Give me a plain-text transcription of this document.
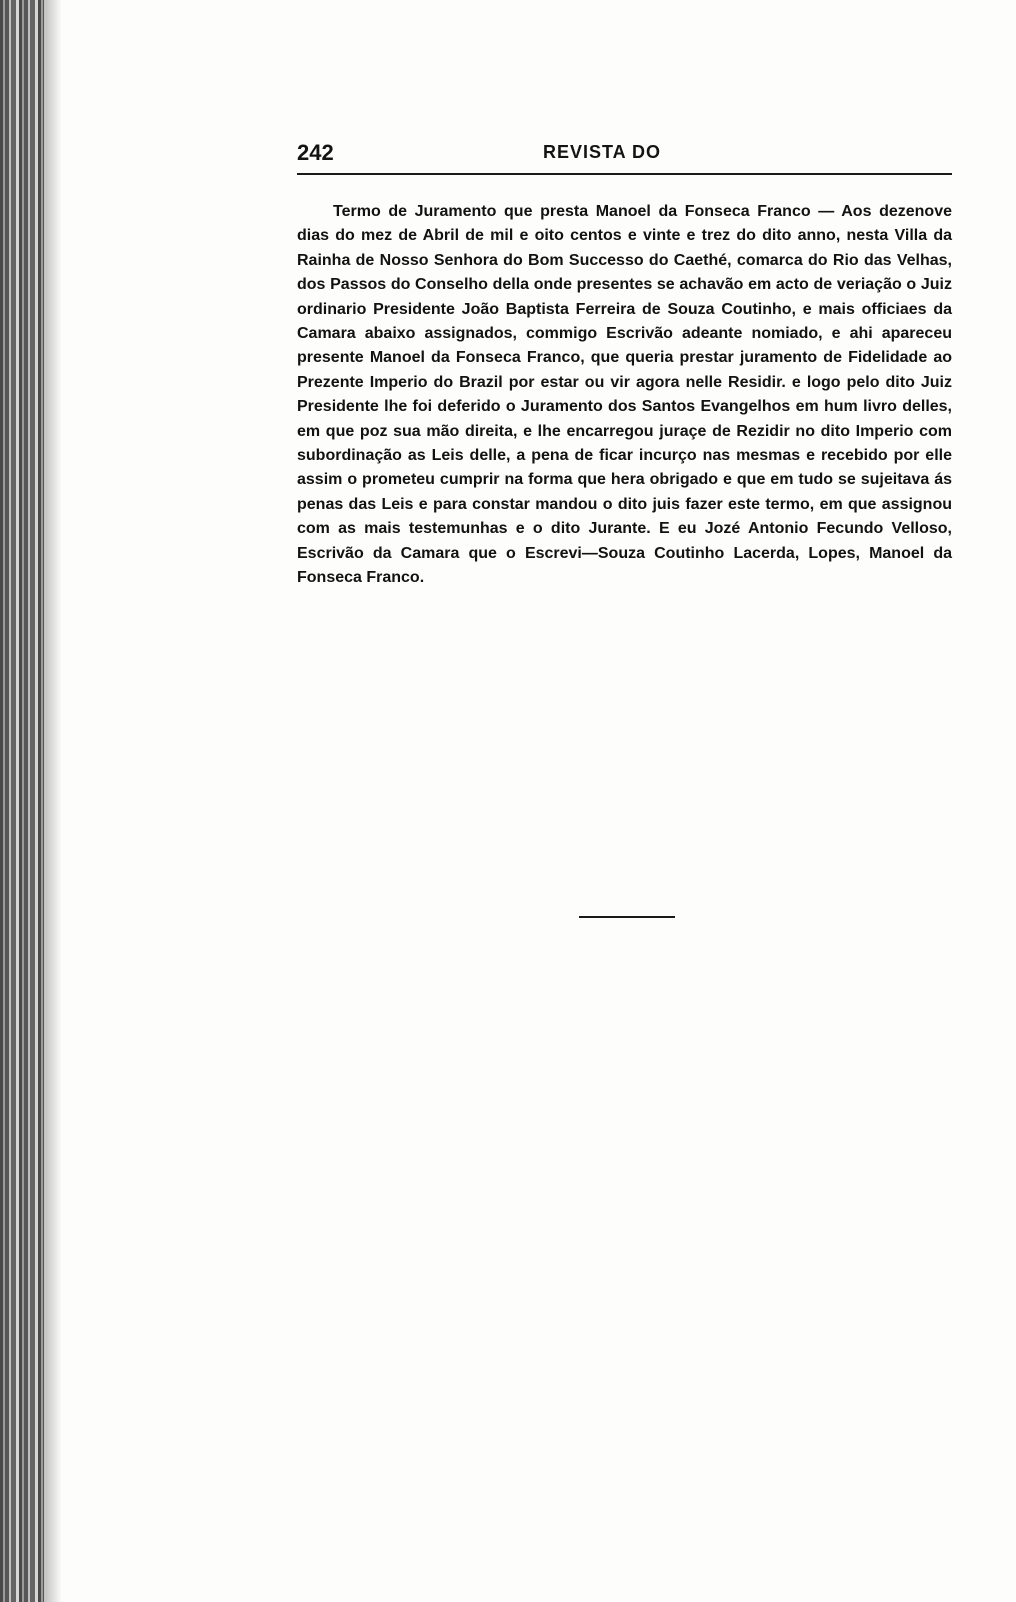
242	REVISTA DO

Termo de Juramento que presta Manoel da Fonseca Franco — Aos dezenove dias do mez de Abril de mil e oito centos e vinte e trez do dito anno, nesta Villa da Rainha de Nosso Senhora do Bom Successo do Caethé, comarca do Rio das Velhas, dos Passos do Conselho della onde presentes se achavão em acto de veriação o Juiz ordinario Presidente João Baptista Ferreira de Souza Coutinho, e mais officiaes da Camara abaixo assignados, commigo Escrivão adeante nomiado, e ahi apareceu presente Manoel da Fonseca Franco, que queria prestar juramento de Fidelidade ao Prezente Imperio do Brazil por estar ou vir agora nelle Residir. e logo pelo dito Juiz Presidente lhe foi deferido o Juramento dos Santos Evangelhos em hum livro delles, em que poz sua mão direita, e lhe encarregou juraçe de Rezidir no dito Imperio com subordinação as Leis delle, a pena de ficar incurço nas mesmas e recebido por elle assim o prometeu cumprir na forma que hera obrigado e que em tudo se sujeitava ás penas das Leis e para constar mandou o dito juis fazer este termo, em que assignou com as mais testemunhas e o dito Jurante. E eu Jozé Antonio Fecundo Velloso, Escrivão da Camara que o Escrevi—Souza Coutinho Lacerda, Lopes, Manoel da Fonseca Franco.
